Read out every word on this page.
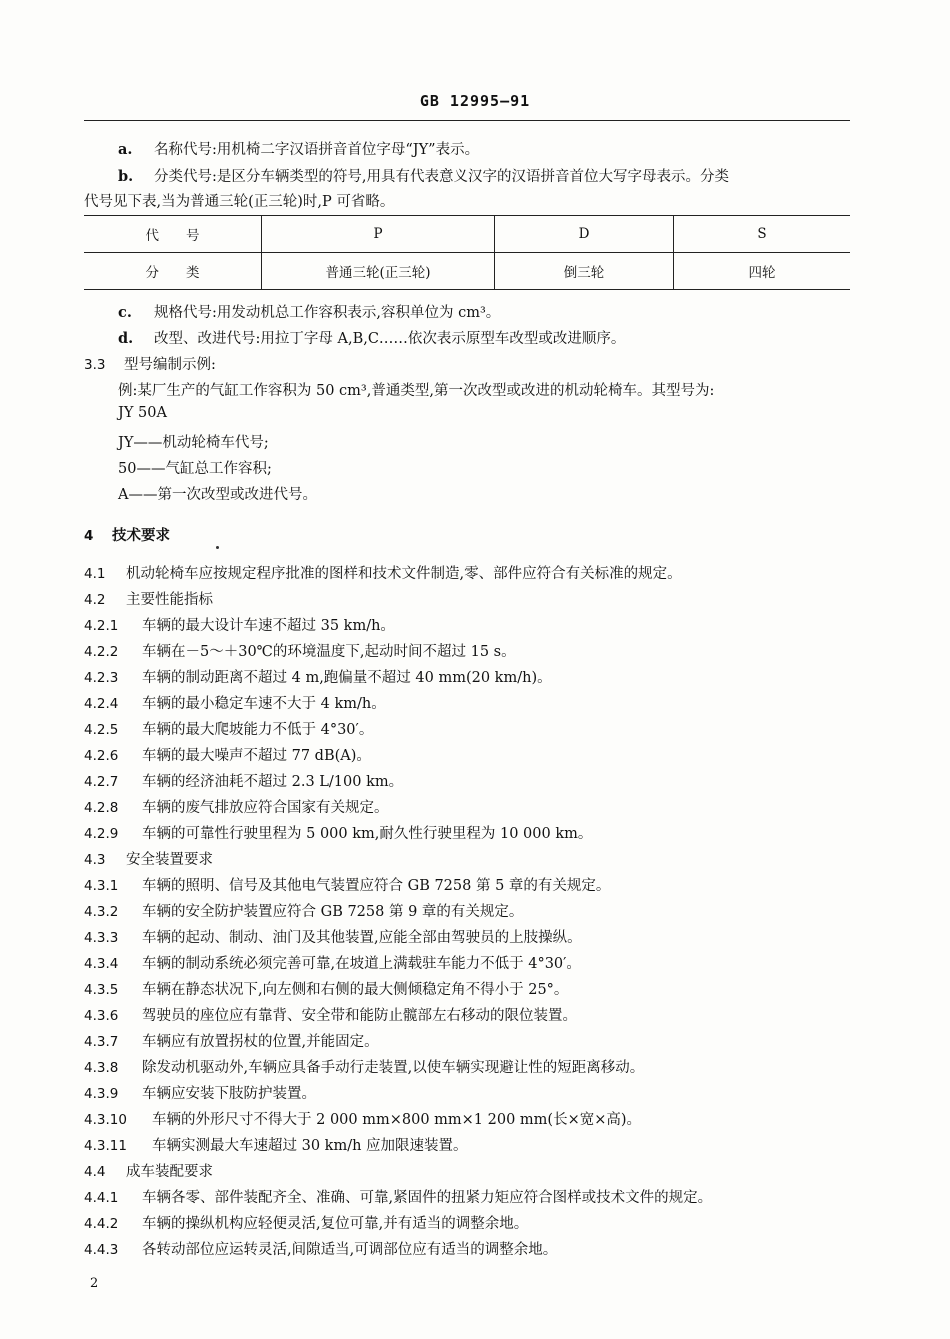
GB 12995—91
a. 名称代号:用机椅二字汉语拼音首位字母“JY”表示。
b. 分类代号:是区分车辆类型的符号,用具有代表意义汉字的汉语拼音首位大写字母表示。分类
代号见下表,当为普通三轮(正三轮)时,P 可省略。
代　　号	P	D	S
分　　类	普通三轮(正三轮)	倒三轮	四轮
c. 规格代号:用发动机总工作容积表示,容积单位为 cm³。
d. 改型、改进代号:用拉丁字母 A,B,C……依次表示原型车改型或改进顺序。
3.3 型号编制示例:
例:某厂生产的气缸工作容积为 50 cm³,普通类型,第一次改型或改进的机动轮椅车。其型号为:
JY 50A
JY——机动轮椅车代号;
50——气缸总工作容积;
A——第一次改型或改进代号。
4 技术要求
4.1 机动轮椅车应按规定程序批准的图样和技术文件制造,零、部件应符合有关标准的规定。
4.2 主要性能指标
4.2.1 车辆的最大设计车速不超过 35 km/h。
4.2.2 车辆在－5～＋30℃的环境温度下,起动时间不超过 15 s。
4.2.3 车辆的制动距离不超过 4 m,跑偏量不超过 40 mm(20 km/h)。
4.2.4 车辆的最小稳定车速不大于 4 km/h。
4.2.5 车辆的最大爬坡能力不低于 4°30′。
4.2.6 车辆的最大噪声不超过 77 dB(A)。
4.2.7 车辆的经济油耗不超过 2.3 L/100 km。
4.2.8 车辆的废气排放应符合国家有关规定。
4.2.9 车辆的可靠性行驶里程为 5 000 km,耐久性行驶里程为 10 000 km。
4.3 安全装置要求
4.3.1 车辆的照明、信号及其他电气装置应符合 GB 7258 第 5 章的有关规定。
4.3.2 车辆的安全防护装置应符合 GB 7258 第 9 章的有关规定。
4.3.3 车辆的起动、制动、油门及其他装置,应能全部由驾驶员的上肢操纵。
4.3.4 车辆的制动系统必须完善可靠,在坡道上满载驻车能力不低于 4°30′。
4.3.5 车辆在静态状况下,向左侧和右侧的最大侧倾稳定角不得小于 25°。
4.3.6 驾驶员的座位应有靠背、安全带和能防止髋部左右移动的限位装置。
4.3.7 车辆应有放置拐杖的位置,并能固定。
4.3.8 除发动机驱动外,车辆应具备手动行走装置,以使车辆实现避让性的短距离移动。
4.3.9 车辆应安装下肢防护装置。
4.3.10 车辆的外形尺寸不得大于 2 000 mm×800 mm×1 200 mm(长×宽×高)。
4.3.11 车辆实测最大车速超过 30 km/h 应加限速装置。
4.4 成车装配要求
4.4.1 车辆各零、部件装配齐全、准确、可靠,紧固件的扭紧力矩应符合图样或技术文件的规定。
4.4.2 车辆的操纵机构应轻便灵活,复位可靠,并有适当的调整余地。
4.4.3 各转动部位应运转灵活,间隙适当,可调部位应有适当的调整余地。
2
